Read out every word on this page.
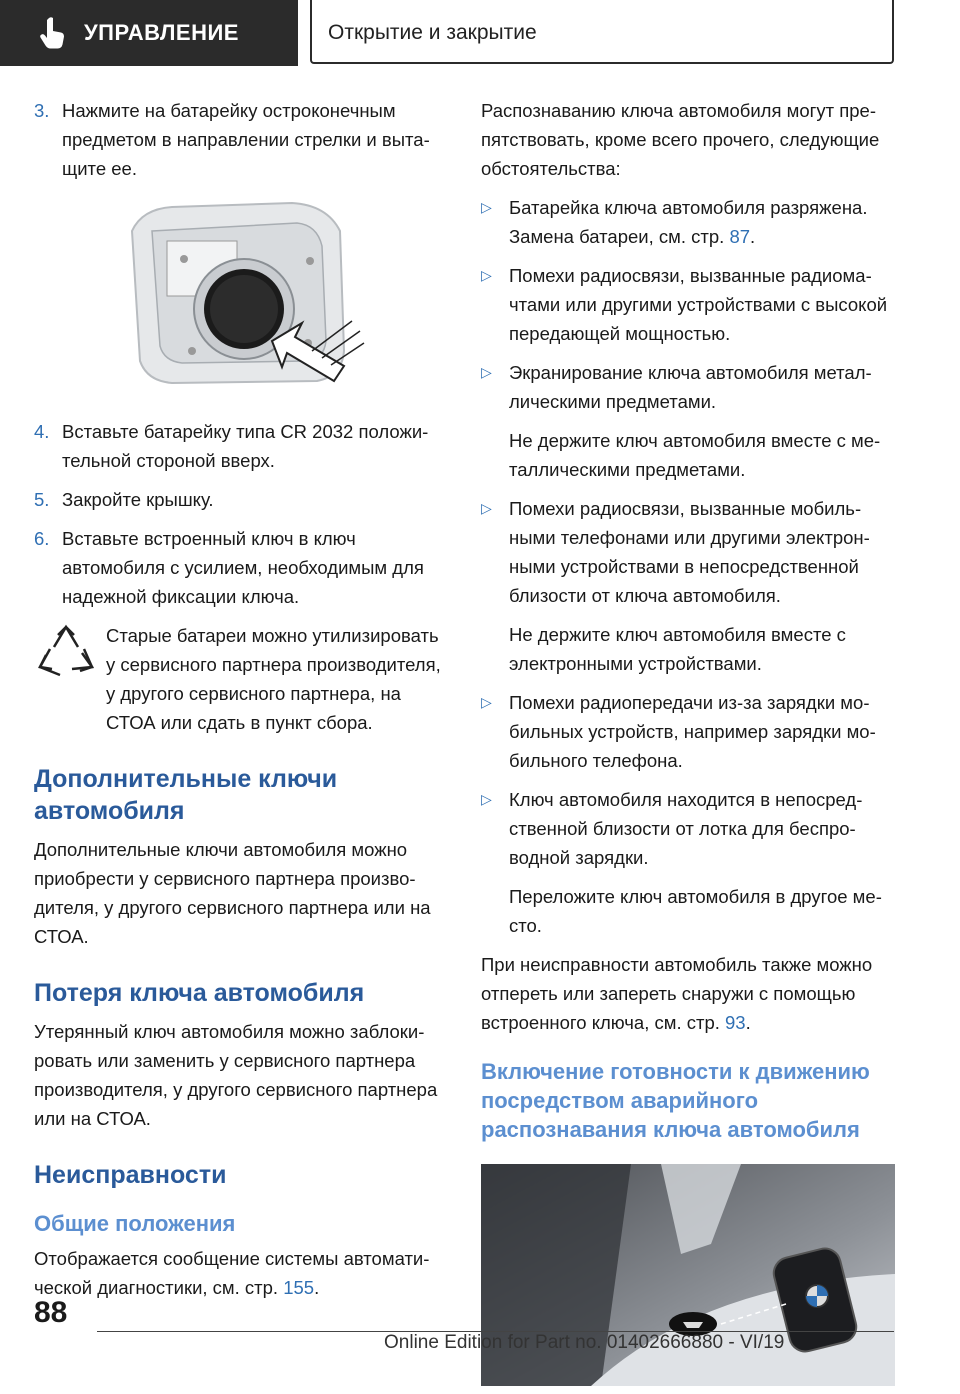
УПРАВЛЕНИЕ	Открытие и закрытие
3. Нажмите на батарейку остроконечным предметом в направлении стрелки и вытащите ее.
4. Вставьте батарейку типа CR 2032 положительной стороной вверх.
5. Закройте крышку.
6. Вставьте встроенный ключ в ключ автомобиля с усилием, необходимым для надежной фиксации ключа.
Старые батареи можно утилизировать у сервисного партнера производителя, у другого сервисного партнера, на СТОА или сдать в пункт сбора.
Дополнительные ключи автомобиля

Дополнительные ключи автомобиля можно приобрести у сервисного партнера производителя, у другого сервисного партнера или на СТОА.

Потеря ключа автомобиля

Утерянный ключ автомобиля можно заблокировать или заменить у сервисного партнера производителя, у другого сервисного партнера или на СТОА.

Неисправности
Общие положения

Отображается сообщение системы автоматической диагностики, см. стр. 155.

Распознаванию ключа автомобиля могут препятствовать, кроме всего прочего, следующие обстоятельства:

▷ Батарейка ключа автомобиля разряжена. Замена батареи, см. стр. 87.
▷ Помехи радиосвязи, вызванные радиомачтами или другими устройствами с высокой передающей мощностью.
▷ Экранирование ключа автомобиля металлическими предметами.
Не держите ключ автомобиля вместе с металлическими предметами.
▷ Помехи радиосвязи, вызванные мобильными телефонами или другими электронными устройствами в непосредственной близости от ключа автомобиля.
Не держите ключ автомобиля вместе с электронными устройствами.
▷ Помехи радиопередачи из-за зарядки мобильных устройств, например зарядки мобильного телефона.
▷ Ключ автомобиля находится в непосредственной близости от лотка для беспроводной зарядки.
Переложите ключ автомобиля в другое место.

При неисправности автомобиль также можно отпереть или запереть снаружи с помощью встроенного ключа, см. стр. 93.

Включение готовности к движению посредством аварийного распознавания ключа автомобиля
88
Online Edition for Part no. 01402666880 - VI/19
